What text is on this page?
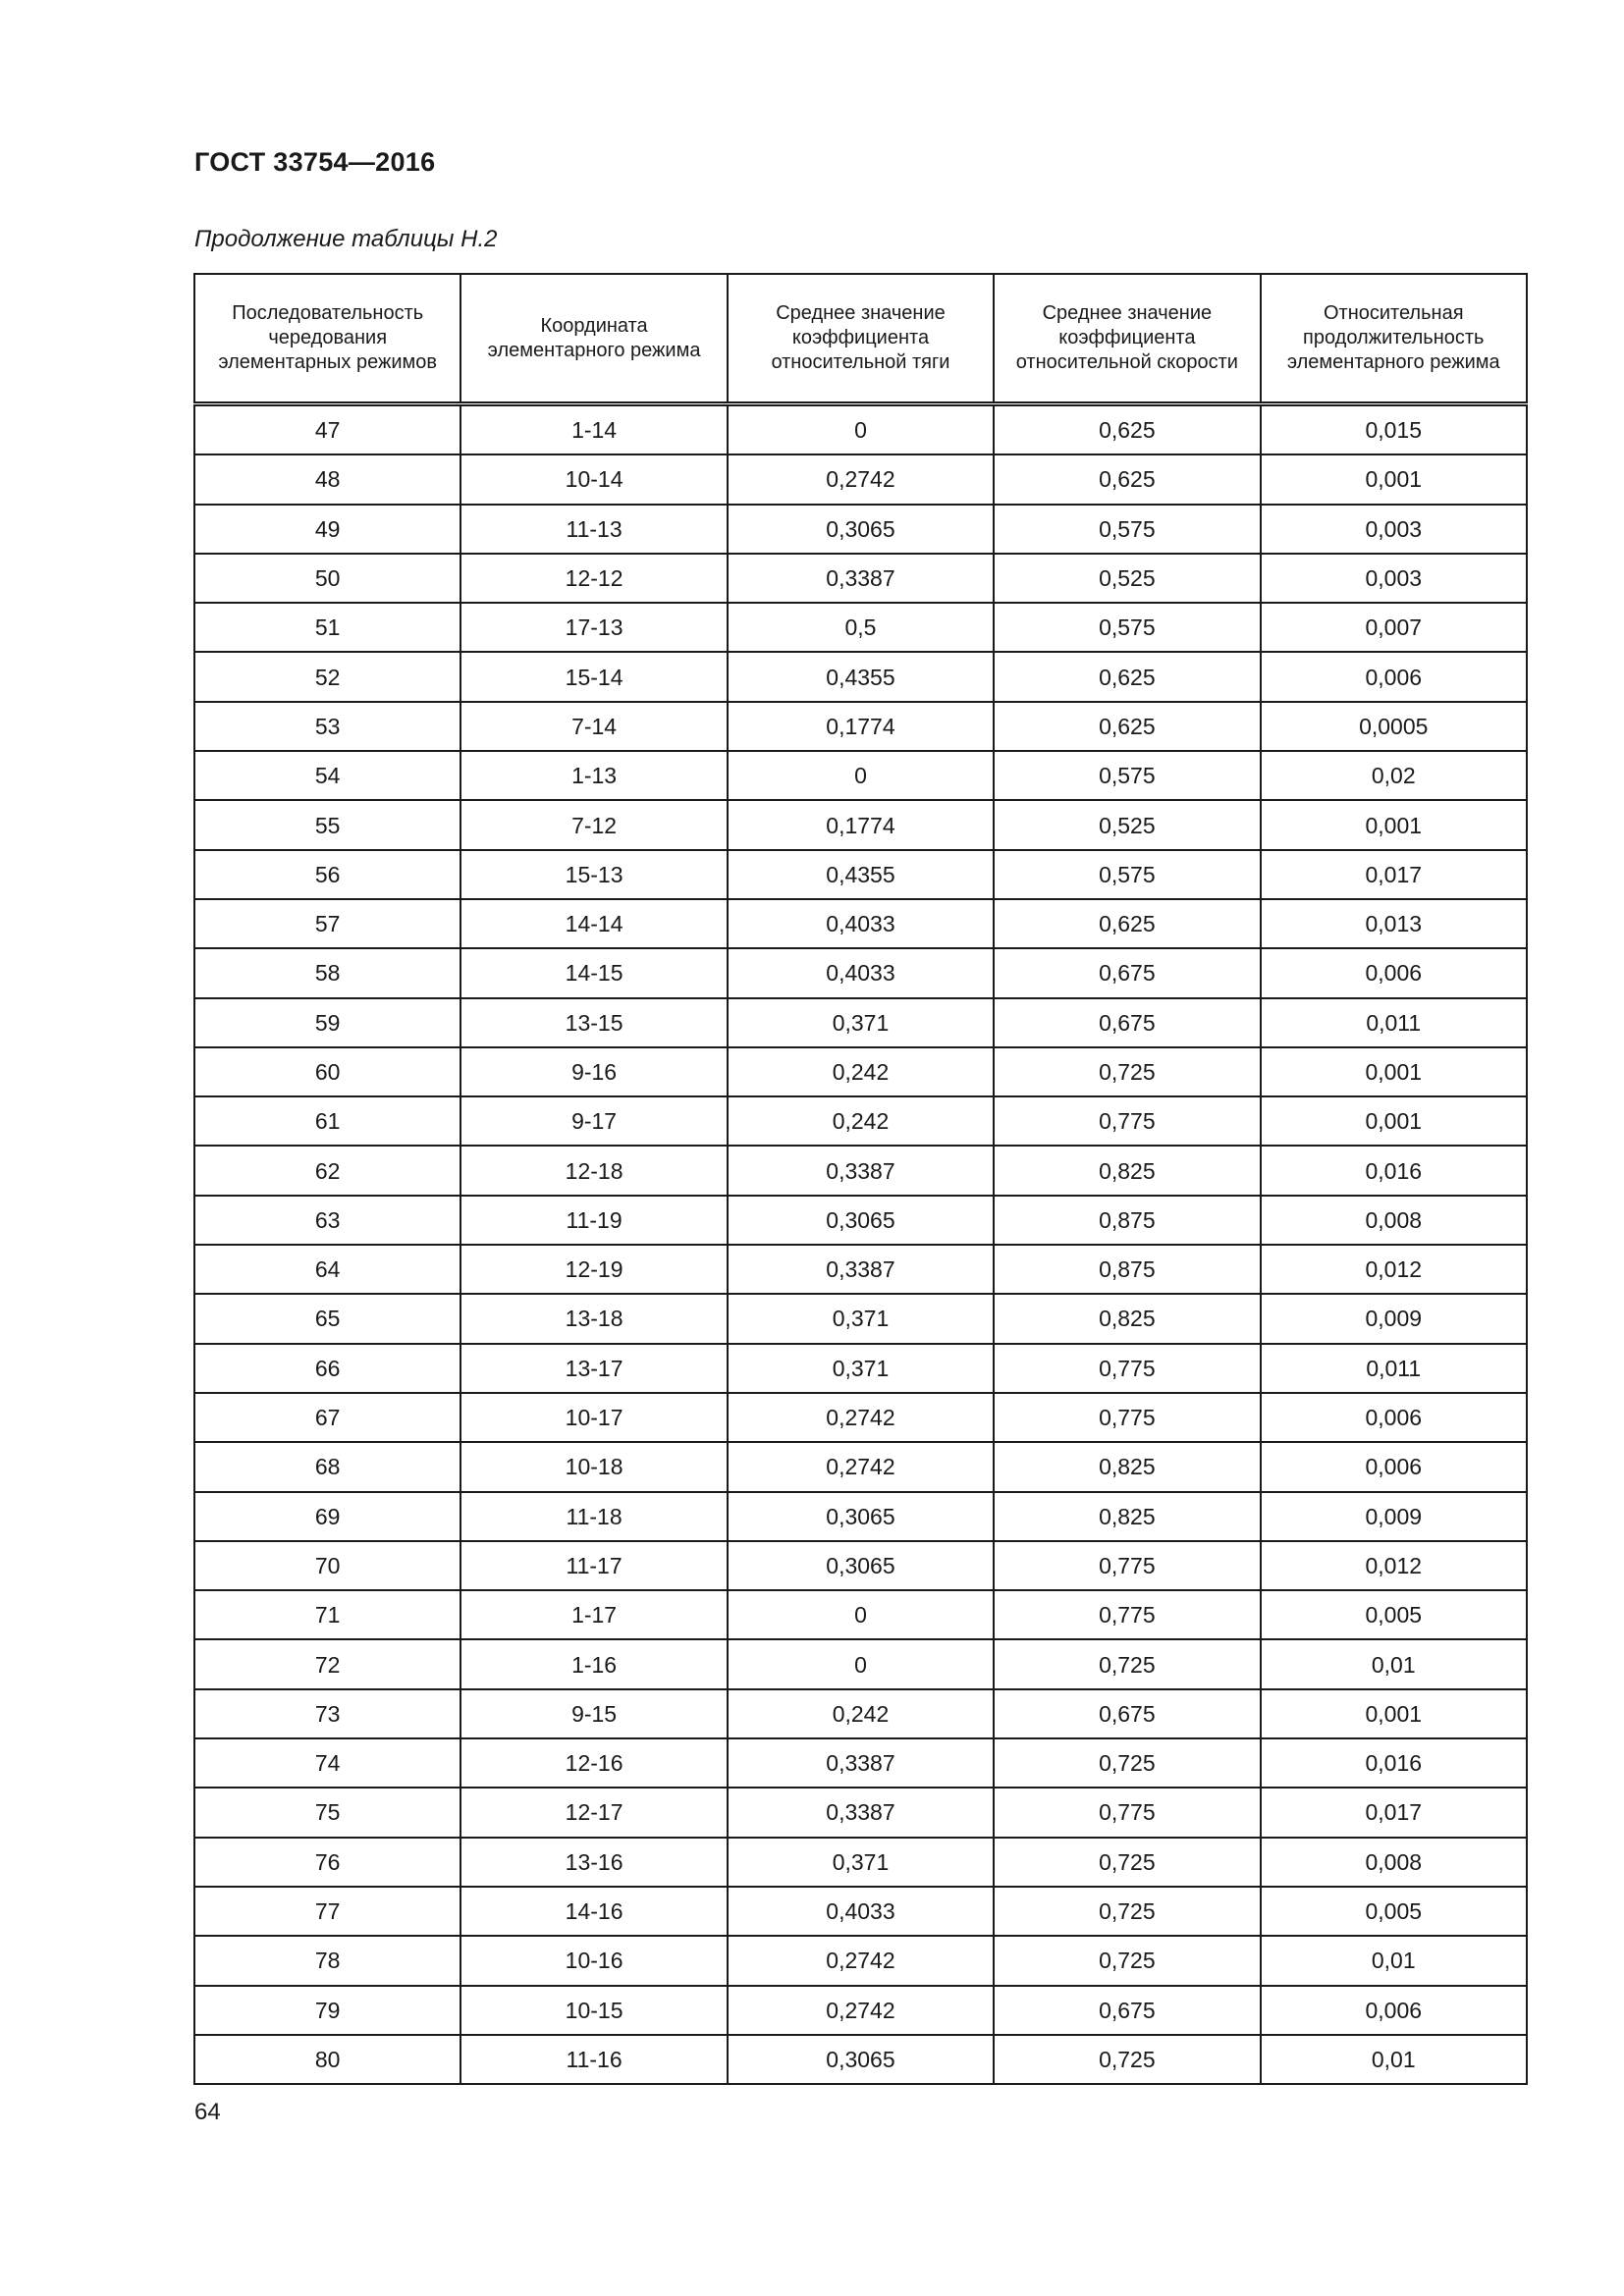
ГОСТ 33754—2016
Продолжение таблицы Н.2
Последовательность чередования элементарных режимов	Координата элементарного режима	Среднее значение коэффициента относительной тяги	Среднее значение коэффициента относительной скорости	Относительная продолжительность элементарного режима
47	1-14	0	0,625	0,015
48	10-14	0,2742	0,625	0,001
49	11-13	0,3065	0,575	0,003
50	12-12	0,3387	0,525	0,003
51	17-13	0,5	0,575	0,007
52	15-14	0,4355	0,625	0,006
53	7-14	0,1774	0,625	0,0005
54	1-13	0	0,575	0,02
55	7-12	0,1774	0,525	0,001
56	15-13	0,4355	0,575	0,017
57	14-14	0,4033	0,625	0,013
58	14-15	0,4033	0,675	0,006
59	13-15	0,371	0,675	0,011
60	9-16	0,242	0,725	0,001
61	9-17	0,242	0,775	0,001
62	12-18	0,3387	0,825	0,016
63	11-19	0,3065	0,875	0,008
64	12-19	0,3387	0,875	0,012
65	13-18	0,371	0,825	0,009
66	13-17	0,371	0,775	0,011
67	10-17	0,2742	0,775	0,006
68	10-18	0,2742	0,825	0,006
69	11-18	0,3065	0,825	0,009
70	11-17	0,3065	0,775	0,012
71	1-17	0	0,775	0,005
72	1-16	0	0,725	0,01
73	9-15	0,242	0,675	0,001
74	12-16	0,3387	0,725	0,016
75	12-17	0,3387	0,775	0,017
76	13-16	0,371	0,725	0,008
77	14-16	0,4033	0,725	0,005
78	10-16	0,2742	0,725	0,01
79	10-15	0,2742	0,675	0,006
80	11-16	0,3065	0,725	0,01
64
